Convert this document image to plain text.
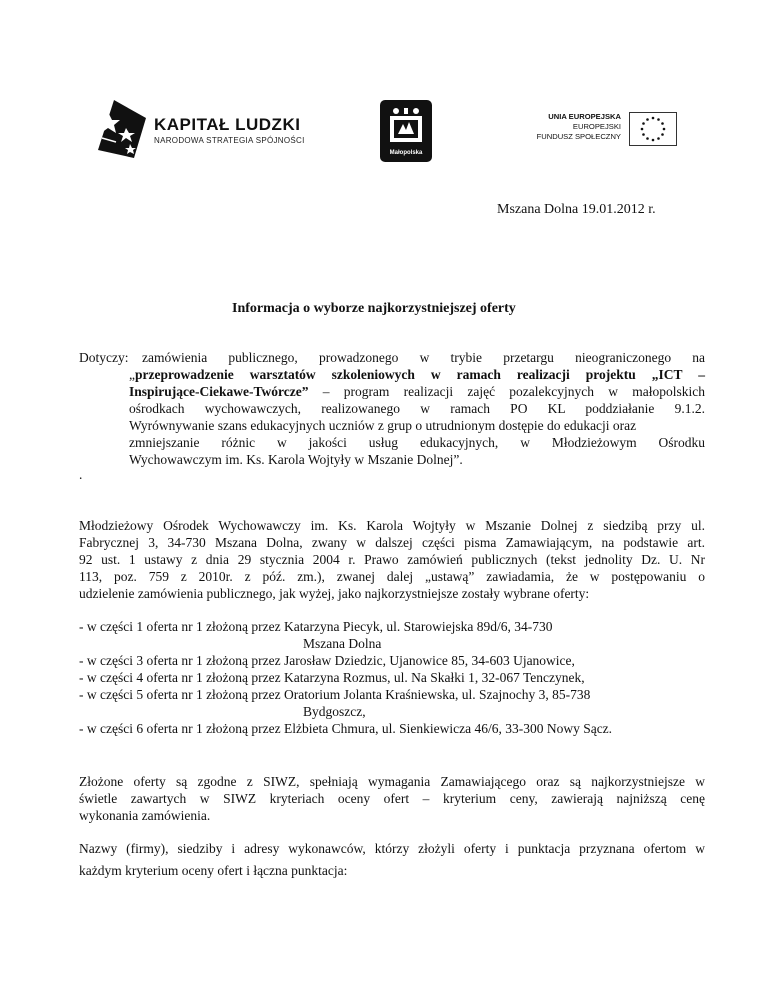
KAPITAŁ LUDZKI
NARODOWA STRATEGIA SPÓJNOŚCI
Małopolska
UNIA EUROPEJSKA
EUROPEJSKI
FUNDUSZ SPOŁECZNY
Mszana Dolna 19.01.2012 r.
Informacja o wyborze najkorzystniejszej oferty
Dotyczy: zamówienia publicznego, prowadzonego w trybie przetargu nieograniczonego na
„przeprowadzenie warsztatów szkoleniowych w ramach realizacji projektu „ICT –
Inspirujące-Ciekawe-Twórcze” – program realizacji zajęć pozalekcyjnych w małopolskich
ośrodkach wychowawczych, realizowanego w ramach PO KL poddziałanie 9.1.2.
Wyrównywanie szans edukacyjnych uczniów z grup o utrudnionym dostępie do edukacji oraz
zmniejszanie różnic w jakości usług edukacyjnych, w Młodzieżowym Ośrodku
Wychowawczym im. Ks. Karola Wojtyły w Mszanie Dolnej”.
.
Młodzieżowy Ośrodek Wychowawczy im. Ks. Karola Wojtyły w Mszanie Dolnej z siedzibą przy ul.
Fabrycznej 3, 34-730 Mszana Dolna, zwany w dalszej części pisma Zamawiającym, na podstawie art.
92 ust. 1 ustawy z dnia 29 stycznia 2004 r. Prawo zamówień publicznych (tekst jednolity Dz. U. Nr
113, poz. 759 z 2010r. z póź. zm.), zwanej dalej „ustawą” zawiadamia, że w postępowaniu o
udzielenie zamówienia publicznego, jak wyżej, jako najkorzystniejsze zostały wybrane oferty:
- w części 1 oferta nr 1 złożoną przez Katarzyna Piecyk, ul. Starowiejska 89d/6, 34-730
Mszana Dolna
- w części 3 oferta nr 1 złożoną przez Jarosław Dziedzic, Ujanowice 85, 34-603 Ujanowice,
- w części 4 oferta nr 1 złożoną przez Katarzyna Rozmus, ul. Na Skałki 1, 32-067 Tenczynek,
- w części 5 oferta nr 1 złożoną przez Oratorium Jolanta Kraśniewska, ul. Szajnochy 3, 85-738
Bydgoszcz,
- w części 6 oferta nr 1 złożoną przez Elżbieta Chmura, ul. Sienkiewicza 46/6, 33-300 Nowy Sącz.
Złożone oferty są zgodne z SIWZ, spełniają wymagania Zamawiającego oraz są najkorzystniejsze w
świetle zawartych w SIWZ kryteriach oceny ofert – kryterium ceny, zawierają najniższą cenę
wykonania zamówienia.
Nazwy (firmy), siedziby i adresy wykonawców, którzy złożyli oferty i punktacja przyznana ofertom w
każdym kryterium oceny ofert i łączna punktacja:
